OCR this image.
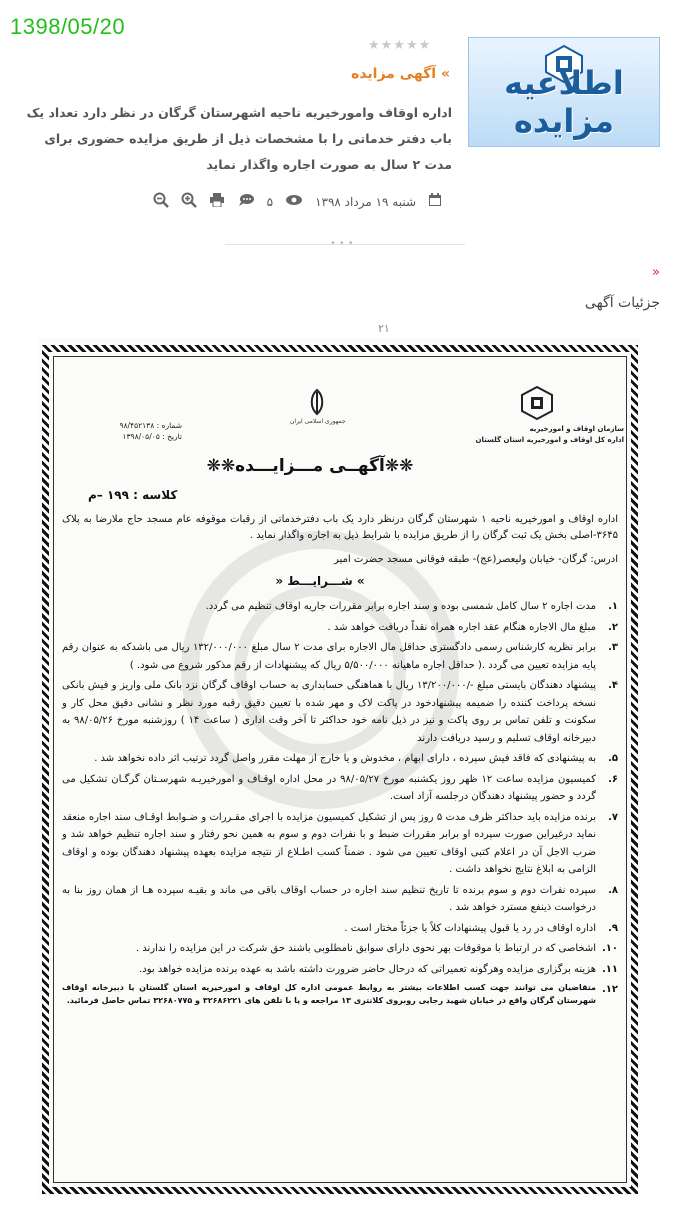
1398/05/20
اطلاعیه مزایده
★★★★★
» آگهی مزایده
اداره اوقاف وامورخیریه ناحیه اشهرستان گرگان در نظر دارد تعداد یک باب دفتر خدماتی را با مشخصات ذیل از طریق مزایده حضوری برای مدت ۲ سال به صورت اجاره واگذار نماید
شنبه ۱۹ مرداد ۱۳۹۸
۵
•••
»
جزئیات آگهی
۲۱
جمهوری اسلامی ایران
سازمان اوقاف و امورخیریه
اداره کل اوقاف و امورخیریه استان گلستان
شماره : ۹۸/۴۵۲۱۳۸
تاریخ : ۱۳۹۸/۰۵/۰۵
❋❋آگهــی مـــزایـــده❋❋
کلاسه : ۱۹۹ –م
اداره اوقاف و امورخیریه ناحیه ۱ شهرستان گرگان درنظر دارد یک باب دفترخدماتی از رقبات موقوفه عام مسجد حاج ملارضا به پلاک ۳۶۴۵-اصلی بخش یک ثبت گرگان را از طریق مزایده با شرایط ذیل به اجاره واگذار نماید .
ادرس: گرگان- خیابان ولیعصر(عج)- طبقه فوقانی مسجد حضرت امیر
» شـــرایـــط «
۱.
مدت اجاره ۲ سال کامل شمسی بوده و سند اجاره برابر مقررات جاریه اوقاف تنظیم می گردد.
۲.
مبلغ مال الاجاره هنگام عقد اجاره همراه نقداً دریافت خواهد شد .
۳.
برابر نظریه کارشناس رسمی دادگستری حداقل مال الاجاره برای مدت ۲ سال مبلغ ۱۳۲/۰۰۰/۰۰۰ ریال می باشدکه به عنوان رقم پایه مزایده تعیین می گردد .( حداقل اجاره ماهیانه ۵/۵۰۰/۰۰۰ ریال که پیشنهادات از رقم مذکور شروع می شود. )
۴.
پیشنهاد دهندگان بایستی مبلغ -/۱۳/۲۰۰/۰۰۰ ریال با هماهنگی حسابداری به حساب اوقاف گرگان نزد بانک ملی واریز و فیش بانکی نسخه پرداخت کننده را ضمیمه پیشنهادخود در پاکت لاک و مهر شده با تعیین دقیق رقبه مورد نظر و نشانی دقیق محل کار و سکونت و تلفن تماس بر روی پاکت و نیز در ذیل نامه خود حداکثر تا آخر وقت اداری ( ساعت ۱۴ ) روزشنبه مورخ ۹۸/۰۵/۲۶ به دبیرخانه اوقاف تسلیم و رسید دریافت دارند
۵.
به پیشنهادی که فاقد فیش سپرده ، دارای ابهام ، مخدوش و یا خارج از مهلت مقرر واصل گردد ترتیب اثر داده نخواهد شد .
۶.
کمیسیون مزایده ساعت ۱۲ ظهر روز یکشنبه مورخ ۹۸/۰۵/۲۷ در محل اداره اوقـاف و امورخیریـه شهرسـتان گرگـان تشکیل می گردد و حضور پیشنهاد دهندگان درجلسه آزاد است.
۷.
برنده مزایده باید حداکثر ظرف مدت ۵ روز پس از تشکیل کمیسیون مزایده با اجرای مقـررات و ضـوابط اوقـاف سند اجاره منعقد نماید درغیراین صورت سپرده او برابر مقررات ضبط و با نفرات دوم و سوم به همین نحو رفتار و سند اجاره تنظیم خواهد شد و ضرب الاجل آن در اعلام کتبی اوقاف تعیین می شود . ضمناً کسب اطـلاع از نتیجه مزایده بعهده پیشنهاد دهندگان بوده و اوقاف الزامی به ابلاغ نتایج نخواهد داشت .
۸.
سپرده نفرات دوم و سوم برنده تا تاریخ تنظیم سند اجاره در حساب اوقاف باقی می ماند و بقیـه سپرده هـا از همان روز بنا به درخواست ذینفع مسترد خواهد شد .
۹.
اداره اوقاف در رد یا قبول پیشنهادات کلاً یا جزئاً مختار است .
۱۰.
اشخاصی که در ارتباط با موقوفات بهر نحوی دارای سوابق نامطلوبی باشند حق شرکت در این مزایده را ندارند .
۱۱.
هزینه برگزاری مزایده وهرگونه تعمیراتی که درحال حاضر ضرورت داشته باشد به عهده برنده مزایده خواهد بود.
۱۲.
متقاضیان می توانند جهت کسب اطلاعات بیشتر به روابط عمومی اداره کل اوقاف و امورخیریه استان گلستان یا دبیرخانه اوقاف شهرستان گرگان واقع در خیابان شهید رجایی روبروی کلانتری ۱۳ مراجعه و یا با تلفن های ۳۲۶۸۶۲۲۱ و ۳۲۶۸۰۷۷۵ تماس حاصل فرمائید.
